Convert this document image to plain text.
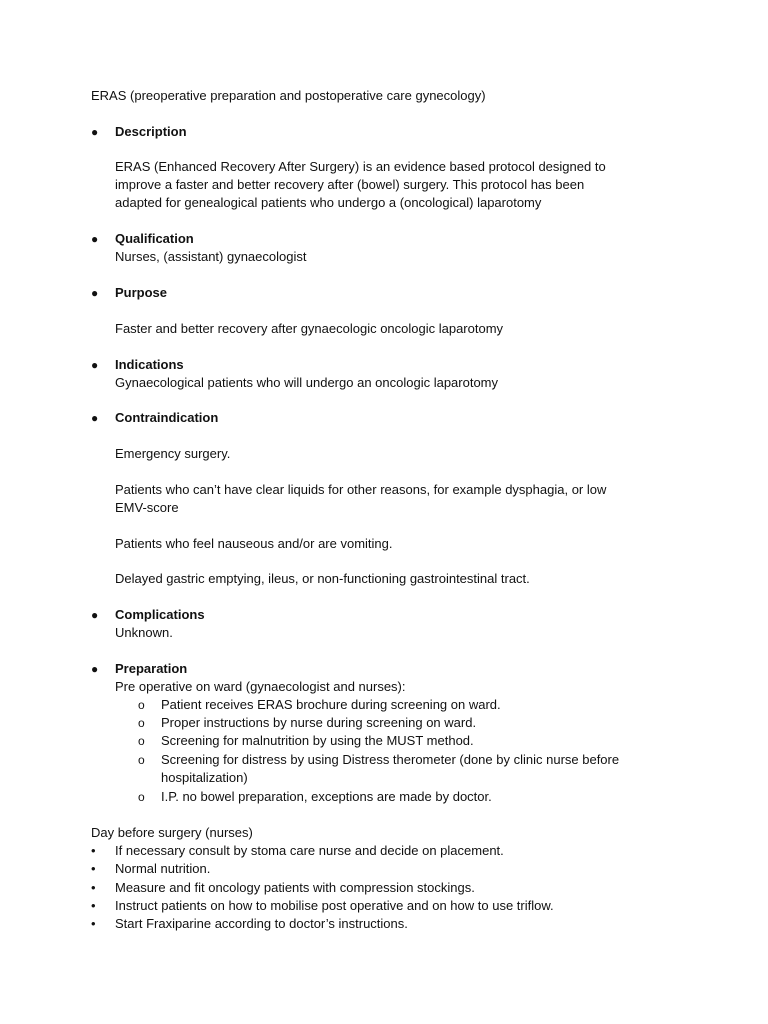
ERAS (preoperative preparation and postoperative care gynecology)
●	Description
ERAS (Enhanced Recovery After Surgery) is an evidence based protocol designed to
improve a faster and better recovery after (bowel) surgery. This protocol has been
adapted for genealogical patients who undergo a (oncological) laparotomy
●	Qualification
Nurses, (assistant) gynaecologist
●	Purpose
Faster and better recovery after gynaecologic oncologic laparotomy
●	Indications
Gynaecological patients who will undergo an oncologic laparotomy
●	Contraindication
Emergency surgery.
Patients who can’t have clear liquids for other reasons, for example dysphagia, or low
EMV-score
Patients who feel nauseous and/or are vomiting.
Delayed gastric emptying, ileus, or non-functioning gastrointestinal tract.
●	Complications
Unknown.
●	Preparation
Pre operative on ward (gynaecologist and nurses):
o Patient receives ERAS brochure during screening on ward.
o Proper instructions by nurse during screening on ward.
o Screening for malnutrition by using the MUST method.
o Screening for distress by using Distress therometer (done by clinic nurse before
hospitalization)
o I.P. no bowel preparation, exceptions are made by doctor.
Day before surgery (nurses)
• If necessary consult by stoma care nurse and decide on placement.
• Normal nutrition.
• Measure and fit oncology patients with compression stockings.
• Instruct patients on how to mobilise post operative and on how to use triflow.
• Start Fraxiparine according to doctor’s instructions.
